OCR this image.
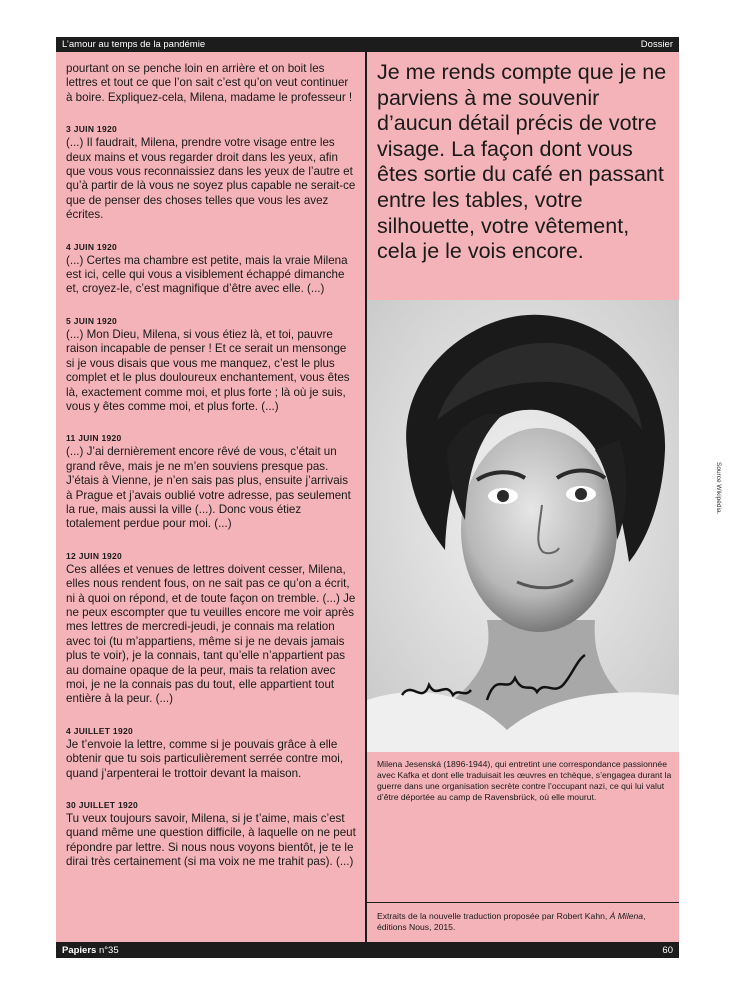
L’amour au temps de la pandémie	Dossier
pourtant on se penche loin en arrière et on boit les lettres et tout ce que l’on sait c’est qu’on veut continuer à boire. Expliquez-cela, Milena, madame le professeur !
3 JUIN 1920
(...) Il faudrait, Milena, prendre votre visage entre les deux mains et vous regarder droit dans les yeux, afin que vous vous reconnaissiez dans les yeux de l’autre et qu’à partir de là vous ne soyez plus capable ne serait-ce que de penser des choses telles que vous les avez écrites.
4 JUIN 1920
(...) Certes ma chambre est petite, mais la vraie Milena est ici, celle qui vous a visiblement échappé dimanche et, croyez-le, c’est magnifique d’être avec elle. (...)
5 JUIN 1920
(...) Mon Dieu, Milena, si vous étiez là, et toi, pauvre raison incapable de penser ! Et ce serait un mensonge si je vous disais que vous me manquez, c’est le plus complet et le plus douloureux enchantement, vous êtes là, exactement comme moi, et plus forte ; là où je suis, vous y êtes comme moi, et plus forte. (...)
11 JUIN 1920
(...) J’ai dernièrement encore rêvé de vous, c’était un grand rêve, mais je ne m’en souviens presque pas. J’étais à Vienne, je n’en sais pas plus, ensuite j’arrivais à Prague et j’avais oublié votre adresse, pas seulement la rue, mais aussi la ville (...). Donc vous étiez totalement perdue pour moi. (...)
12 JUIN 1920
Ces allées et venues de lettres doivent cesser, Milena, elles nous rendent fous, on ne sait pas ce qu’on a écrit, ni à quoi on répond, et de toute façon on tremble. (...) Je ne peux escompter que tu veuilles encore me voir après mes lettres de mercredi-jeudi, je connais ma relation avec toi (tu m’appartiens, même si je ne devais jamais plus te voir), je la connais, tant qu’elle n’appartient pas au domaine opaque de la peur, mais ta relation avec moi, je ne la connais pas du tout, elle appartient tout entière à la peur. (...)
4 JUILLET 1920
Je t’envoie la lettre, comme si je pouvais grâce à elle obtenir que tu sois particulièrement serrée contre moi, quand j’arpenterai le trottoir devant la maison.
30 JUILLET 1920
Tu veux toujours savoir, Milena, si je t’aime, mais c’est quand même une question difficile, à laquelle on ne peut répondre par lettre. Si nous nous voyons bientôt, je te le dirai très certainement (si ma voix ne me trahit pas). (...)
Je me rends compte que je ne parviens à me souvenir d’aucun détail précis de votre visage. La façon dont vous êtes sortie du café en passant entre les tables, votre silhouette, votre vêtement, cela je le vois encore.
Milena Jesenská (1896-1944), qui entretint une correspondance passionnée avec Kafka et dont elle traduisait les œuvres en tchèque, s’engagea durant la guerre dans une organisation secrète contre l’occupant nazi, ce qui lui valut d’être déportée au camp de Ravensbrück, où elle mourut.
Extraits de la nouvelle traduction proposée par Robert Kahn, À Milena, éditions Nous, 2015.
Source Wikipédia.
Papiers n°35	60
